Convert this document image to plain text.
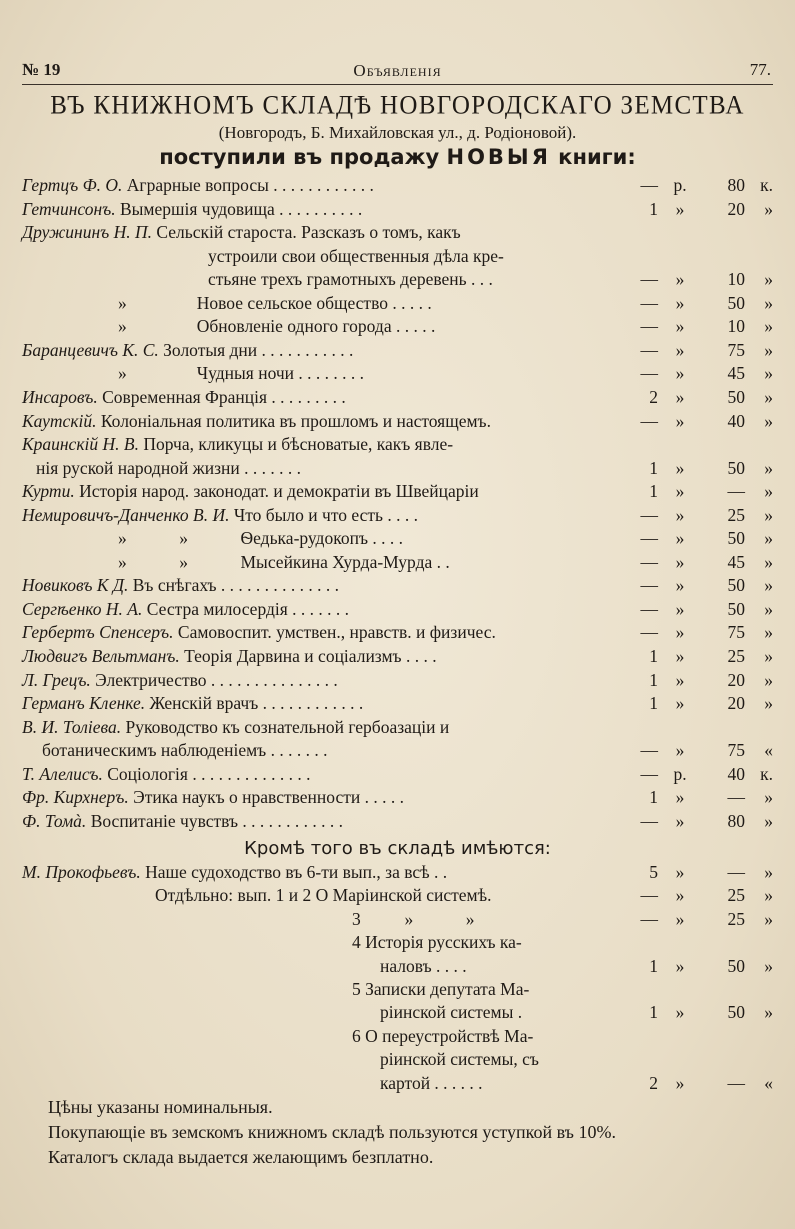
№ 19	Объявленія	77.
ВЪ КНИЖНОМЪ СКЛАДѢ НОВГОРОДСКАГО ЗЕМСТВА
(Новгородъ, Б. Михайловская ул., д. Родіоновой).
поступили въ продажу НОВЫЯ книги:
Гертцъ Ф. О. Аграрные вопросы . . . . . . . . . . . .	— р.	80 к.
Гетчинсонъ. Вымершія чудовища . . . . . . . . . .	1	»	20	»
Дружининъ Н. П. Сельскій староста. Разсказъ о томъ, какъ
устроили свои общественныя дѣла кре-
стьяне трехъ грамотныхъ деревень . . .	—	»	10	»
»                Новое сельское общество . . . . .	—	»	50	»
»                Обновленіе одного города . . . . .	—	»	10	»
Баранцевичъ К. С. Золотыя дни . . . . . . . . . . .	—	»	75	»
»                Чудныя ночи . . . . . . . .	—	»	45	»
Инсаровъ. Современная Франція . . . . . . . . .	2	»	50	»
Каутскій. Колоніальная политика въ прошломъ и настоящемъ.	—	»	40	»
Краинскій Н. В. Порча, кликуцы и бѣсноватые, какъ явле-
нія руской народной жизни . . . . . . .	1	»	50	»
Курти. Исторія народ. законодат. и демократіи въ Швейцаріи	1	»	—	»
Немировичъ-Данченко В. И. Что было и что есть . . . .	—	»	25	»
»            »            Ѳедька-рудокопъ . . . .	—	»	50	»
»            »            Мысейкина Хурда-Мурда . .	—	»	45	»
Новиковъ К Д. Въ снѣгахъ . . . . . . . . . . . . . .	—	»	50	»
Сергѣенко Н. А. Сестра милосердія . . . . . . .	—	»	50	»
Гербертъ Спенсеръ. Самовоспит. умствен., нравств. и физичес.	—	»	75	»
Людвигъ Вельтманъ. Теорія Дарвина и соціализмъ . . . .	1	»	25	»
Л. Грецъ. Электричество . . . . . . . . . . . . . . .	1	»	20	»
Германъ Кленке. Женскій врачъ . . . . . . . . . . . .	1	»	20	»
В. И. Толіева. Руководство къ сознательной гербоазаціи и
ботаническимъ наблюденіемъ . . . . . . .	—	»	75	«
Т. Алелисъ. Соціологія . . . . . . . . . . . . . .	— р.	40 к.
Фр. Кирхнеръ. Этика наукъ о нравственности . . . . .	1	»	—	»
Ф. Томà. Воспитаніе чувствъ . . . . . . . . . . . .	—	»	80	»
Кромѣ того въ складѣ имѣются:
М. Прокофьевъ. Наше судоходство въ 6-ти вып., за всѣ . .	5	»	—	»
Отдѣльно: вып. 1 и 2 О Маріинской системѣ.	—	»	25	»
3          »            »	—	»	25	»
4 Исторія русскихъ ка-
наловъ . . . .	1	»	50	»
5 Записки депутата Ма-
ріинской системы .	1	»	50	»
6 О переустройствѣ Ма-
ріинской системы, съ
картой . . . . . .	2	»	—	«
Цѣны указаны номинальныя.
Покупающіе въ земскомъ книжномъ складѣ пользуются уступкой въ 10%.
Каталогъ склада выдается желающимъ безплатно.
